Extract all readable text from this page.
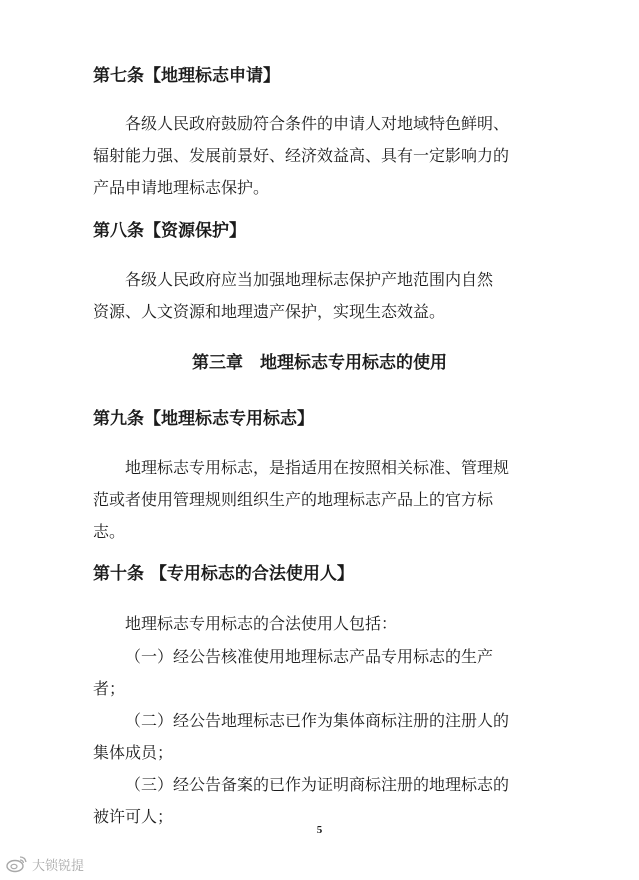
第七条【地理标志申请】
各级人民政府鼓励符合条件的申请人对地域特色鲜明、
辐射能力强、发展前景好、经济效益高、具有一定影响力的
产品申请地理标志保护。
第八条【资源保护】
各级人民政府应当加强地理标志保护产地范围内自然
资源、人文资源和地理遗产保护，实现生态效益。
第三章　地理标志专用标志的使用
第九条【地理标志专用标志】
地理标志专用标志，是指适用在按照相关标准、管理规
范或者使用管理规则组织生产的地理标志产品上的官方标
志。
第十条 【专用标志的合法使用人】
地理标志专用标志的合法使用人包括：
（一）经公告核准使用地理标志产品专用标志的生产
者；
（二）经公告地理标志已作为集体商标注册的注册人的
集体成员；
（三）经公告备案的已作为证明商标注册的地理标志的
被许可人；
5
大锁锐提
